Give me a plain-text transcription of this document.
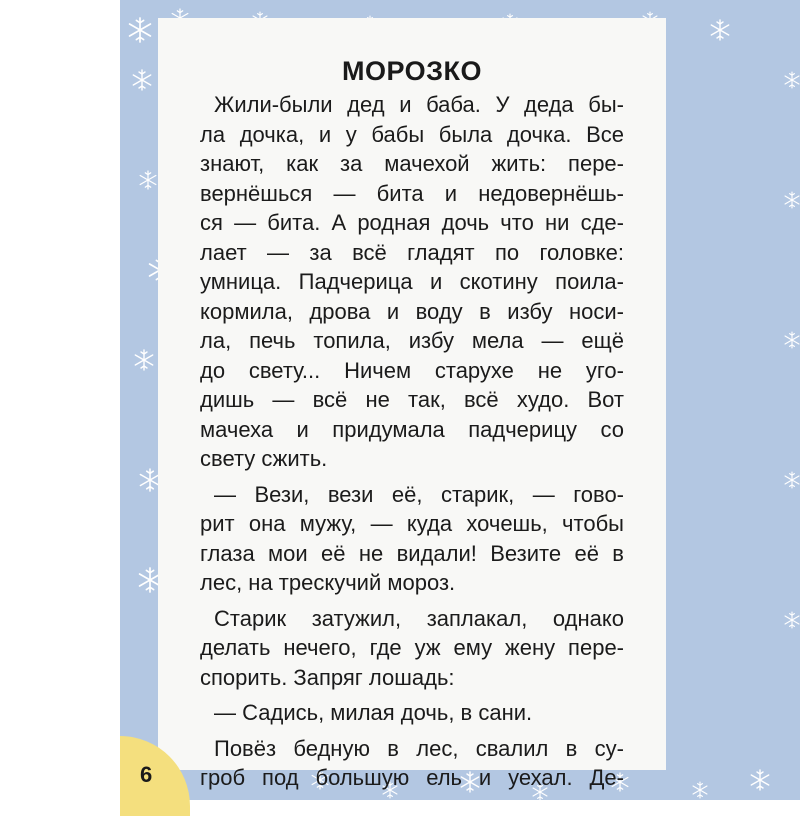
МОРОЗКО
Жили-были дед и баба. У деда бы-
ла дочка, и у бабы была дочка. Все
знают, как за мачехой жить: пере-
вернёшься — бита и недовернёшь-
ся — бита. А родная дочь что ни сде-
лает — за всё гладят по головке:
умница. Падчерица и скотину поила-
кормила, дрова и воду в избу носи-
ла, печь топила, избу мела — ещё
до свету... Ничем старухе не уго-
дишь — всё не так, всё худо. Вот
мачеха и придумала падчерицу со
свету сжить.
— Вези, вези её, старик, — гово-
рит она мужу, — куда хочешь, чтобы
глаза мои её не видали! Везите её в
лес, на трескучий мороз.
Старик затужил, заплакал, однако
делать нечего, где уж ему жену пере-
спорить. Запряг лошадь:
— Садись, милая дочь, в сани.
Повёз бедную в лес, свалил в су-
гроб под большую ель и уехал. Де-
6
